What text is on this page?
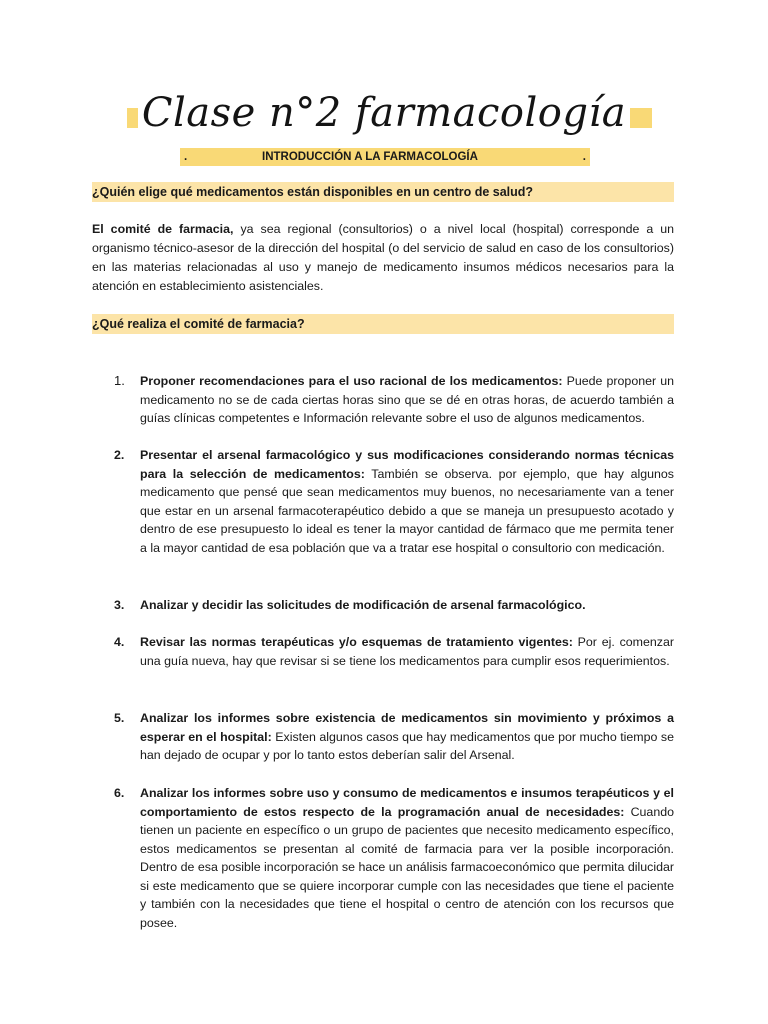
Clase n°2 farmacología
.	INTRODUCCIÓN A LA FARMACOLOGÍA	.
¿Quién elige qué medicamentos están disponibles en un centro de salud?
El comité de farmacia, ya sea regional (consultorios) o a nivel local (hospital) corresponde a un organismo técnico-asesor de la dirección del hospital (o del servicio de salud en caso de los consultorios) en las materias relacionadas al uso y manejo de medicamento insumos médicos necesarios para la atención en establecimiento asistenciales.
¿Qué realiza el comité de farmacia?
1. Proponer recomendaciones para el uso racional de los medicamentos: Puede proponer un medicamento no se de cada ciertas horas sino que se dé en otras horas, de acuerdo también a guías clínicas competentes e Información relevante sobre el uso de algunos medicamentos.
2. Presentar el arsenal farmacológico y sus modificaciones considerando normas técnicas para la selección de medicamentos: También se observa. por ejemplo, que hay algunos medicamento que pensé que sean medicamentos muy buenos, no necesariamente van a tener que estar en un arsenal farmacoterapéutico debido a que se maneja un presupuesto acotado y dentro de ese presupuesto lo ideal es tener la mayor cantidad de fármaco que me permita tener a la mayor cantidad de esa población que va a tratar ese hospital o consultorio con medicación.
3. Analizar y decidir las solicitudes de modificación de arsenal farmacológico.
4. Revisar las normas terapéuticas y/o esquemas de tratamiento vigentes: Por ej. comenzar una guía nueva, hay que revisar si se tiene los medicamentos para cumplir esos requerimientos.
5. Analizar los informes sobre existencia de medicamentos sin movimiento y próximos a esperar en el hospital: Existen algunos casos que hay medicamentos que por mucho tiempo se han dejado de ocupar y por lo tanto estos deberían salir del Arsenal.
6. Analizar los informes sobre uso y consumo de medicamentos e insumos terapéuticos y el comportamiento de estos respecto de la programación anual de necesidades: Cuando tienen un paciente en específico o un grupo de pacientes que necesito medicamento específico, estos medicamentos se presentan al comité de farmacia para ver la posible incorporación. Dentro de esa posible incorporación se hace un análisis farmacoeconómico que permita dilucidar si este medicamento que se quiere incorporar cumple con las necesidades que tiene el paciente y también con la necesidades que tiene el hospital o centro de atención con los recursos que posee.
